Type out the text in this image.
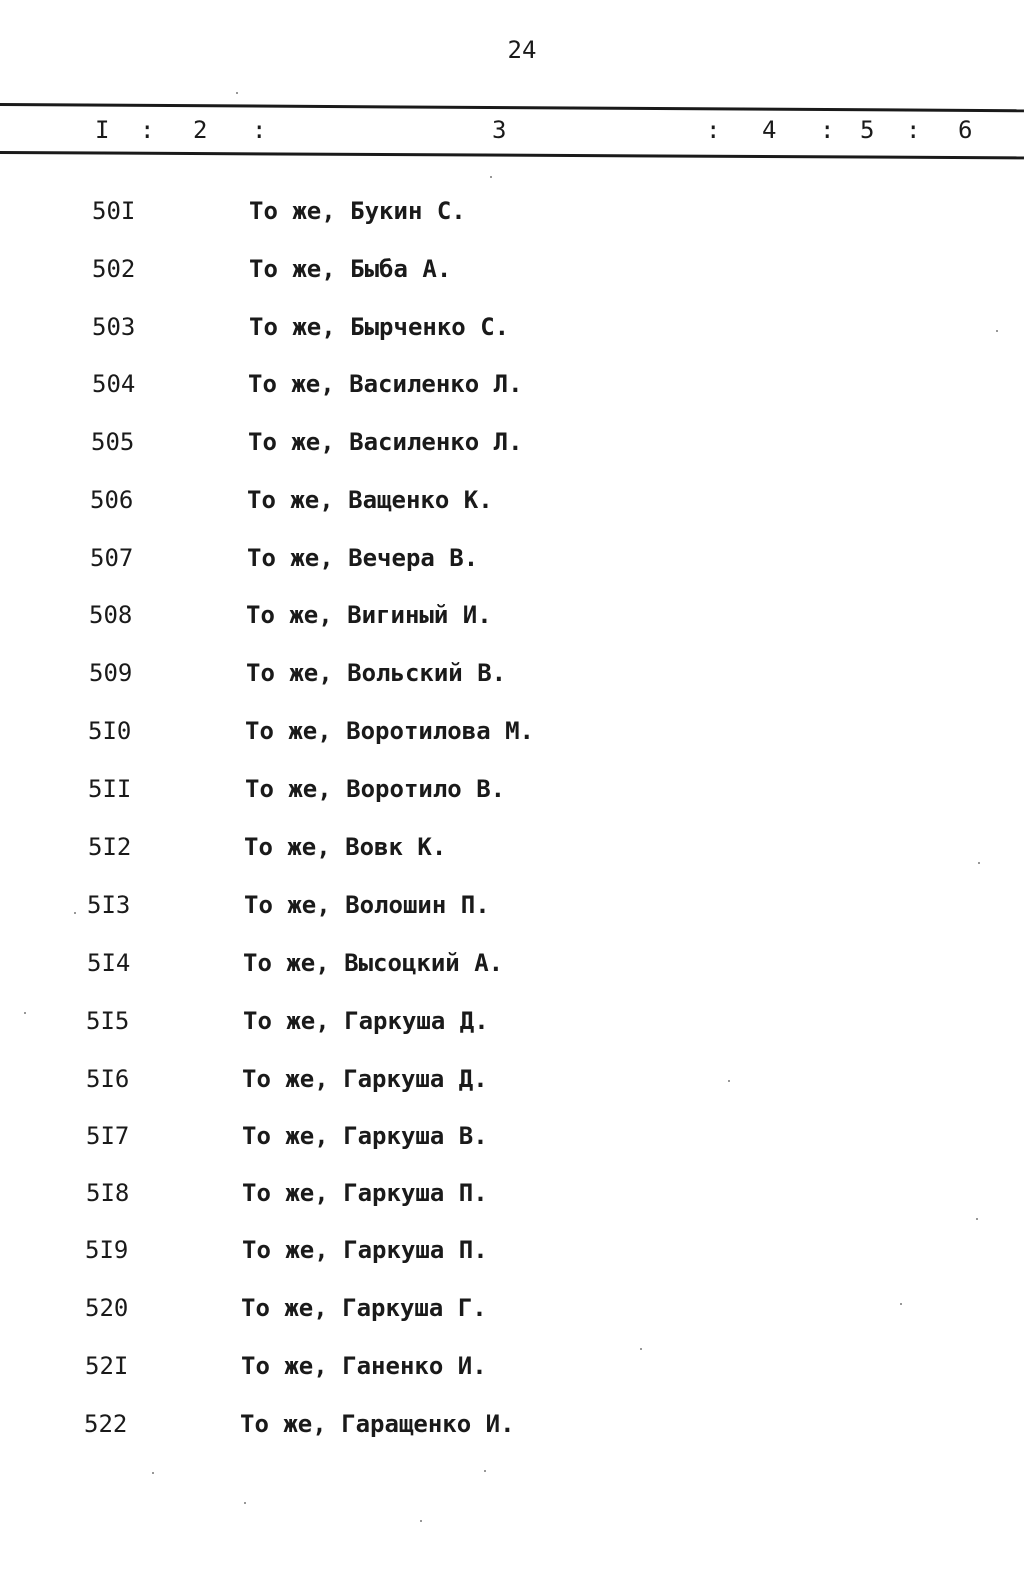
24
I : 2 :	3	: 4 : 5 : 6
50I	То же, Букин С.
502	То же, Быба А.
503	То же, Бырченко С.
504	То же, Василенко Л.
505	То же, Василенко Л.
506	То же, Ващенко К.
507	То же, Вечера В.
508	То же, Вигиный И.
509	То же, Вольский В.
5I0	То же, Воротилова М.
5II	То же, Воротило В.
5I2	То же, Вовк К.
5I3	То же, Волошин П.
5I4	То же, Высоцкий А.
5I5	То же, Гаркуша Д.
5I6	То же, Гаркуша Д.
5I7	То же, Гаркуша В.
5I8	То же, Гаркуша П.
5I9	То же, Гаркуша П.
520	То же, Гаркуша Г.
52I	То же, Ганенко И.
522	То же, Гаращенко И.
